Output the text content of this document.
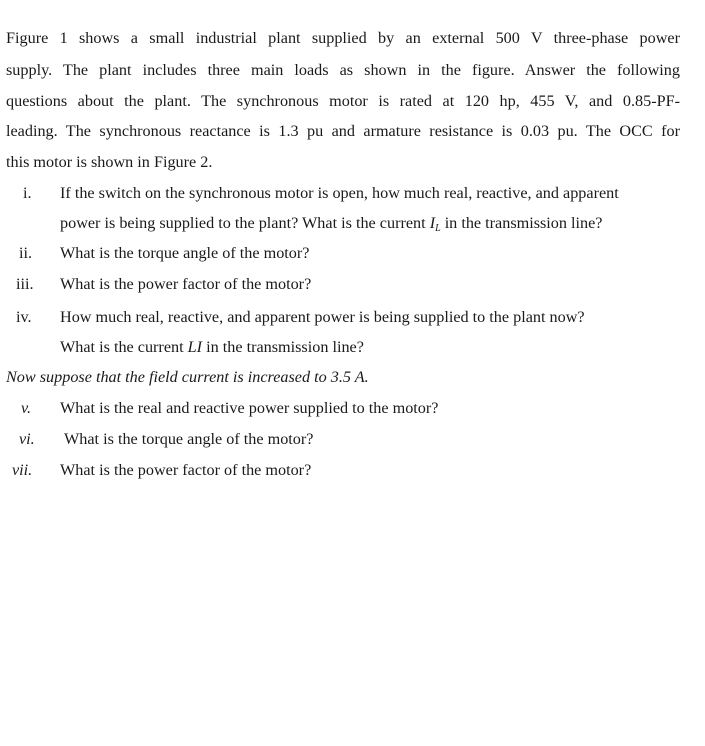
Figure 1 shows a small industrial plant supplied by an external 500 V three-phase power
supply. The plant includes three main loads as shown in the figure. Answer the following
questions about the plant. The synchronous motor is rated at 120 hp, 455 V, and 0.85-PF-
leading. The synchronous reactance is 1.3 pu and armature resistance is 0.03 pu. The OCC for
this motor is shown in Figure 2.
i. If the switch on the synchronous motor is open, how much real, reactive, and apparent
power is being supplied to the plant? What is the current $I_L$ in the transmission line?
ii. What is the torque angle of the motor?
iii. What is the power factor of the motor?
iv. How much real, reactive, and apparent power is being supplied to the plant now?
What is the current LI in the transmission line?
Now suppose that the field current is increased to 3.5 A.
v. What is the real and reactive power supplied to the motor?
vi. What is the torque angle of the motor?
vii. What is the power factor of the motor?
